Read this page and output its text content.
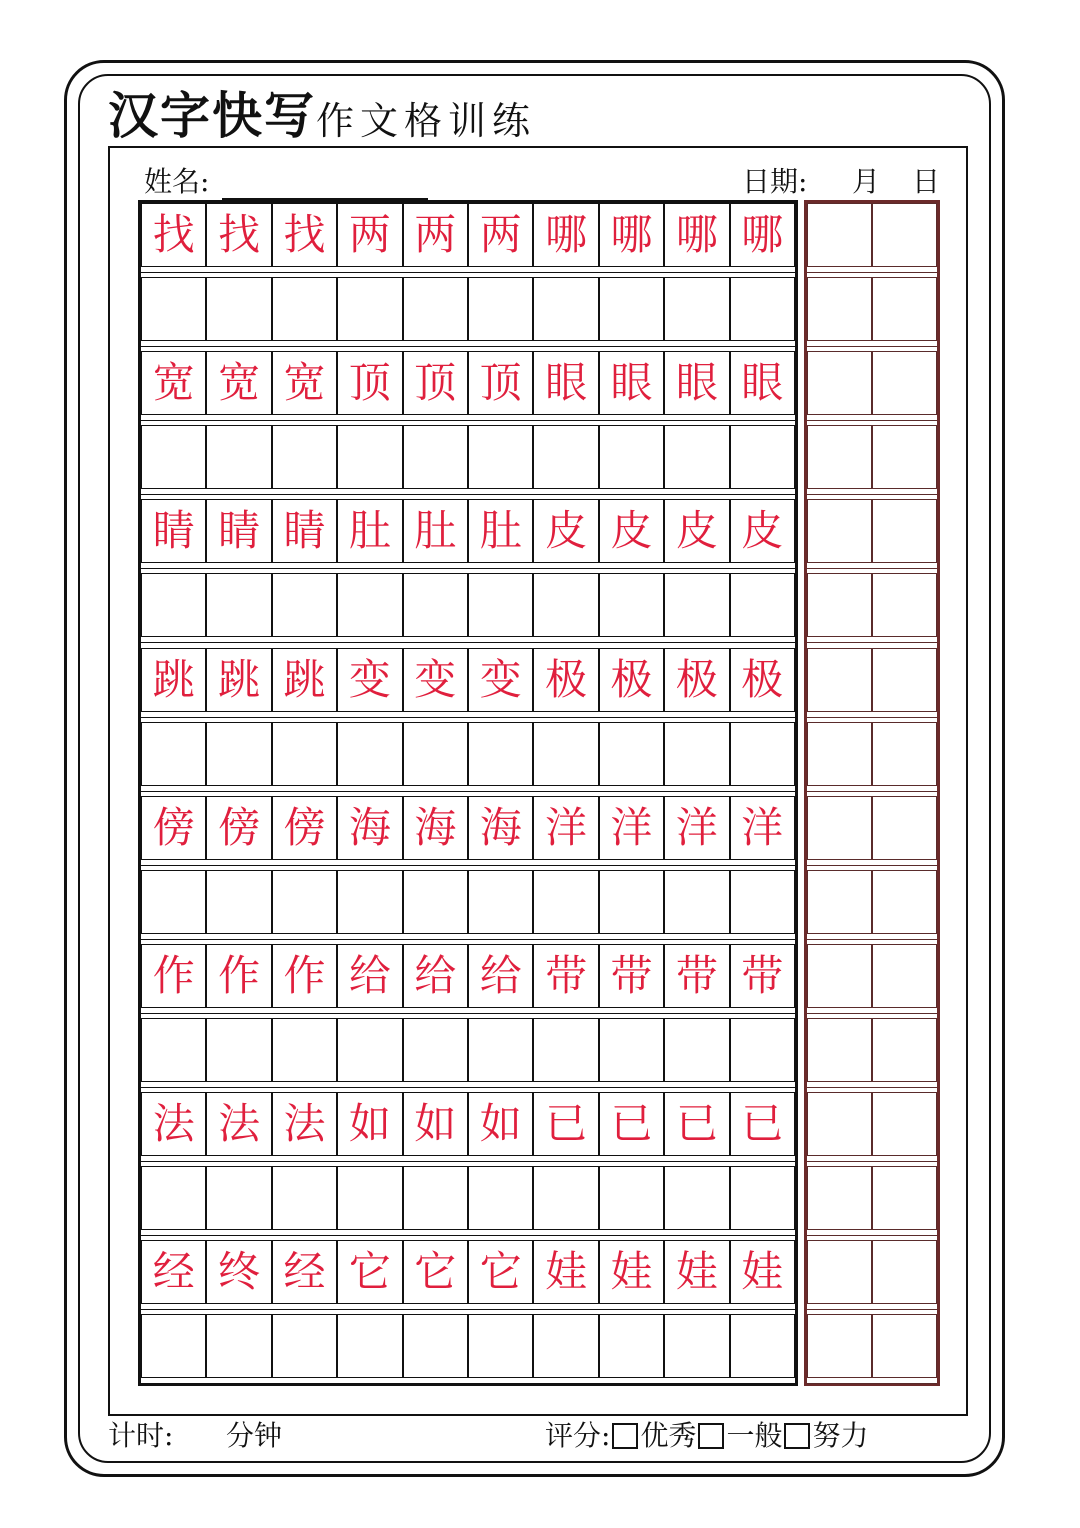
汉字快写 作文格训练
姓名:	日期: 月 日
找 找 找 两 两 两 哪 哪 哪 哪
宽 宽 宽 顶 顶 顶 眼 眼 眼 眼
睛 睛 睛 肚 肚 肚 皮 皮 皮 皮
跳 跳 跳 变 变 变 极 极 极 极
傍 傍 傍 海 海 海 洋 洋 洋 洋
作 作 作 给 给 给 带 带 带 带
法 法 法 如 如 如 已 已 已 已
经 终 经 它 它 它 娃 娃 娃 娃
计时: 分钟	评分: 优秀 一般 努力
